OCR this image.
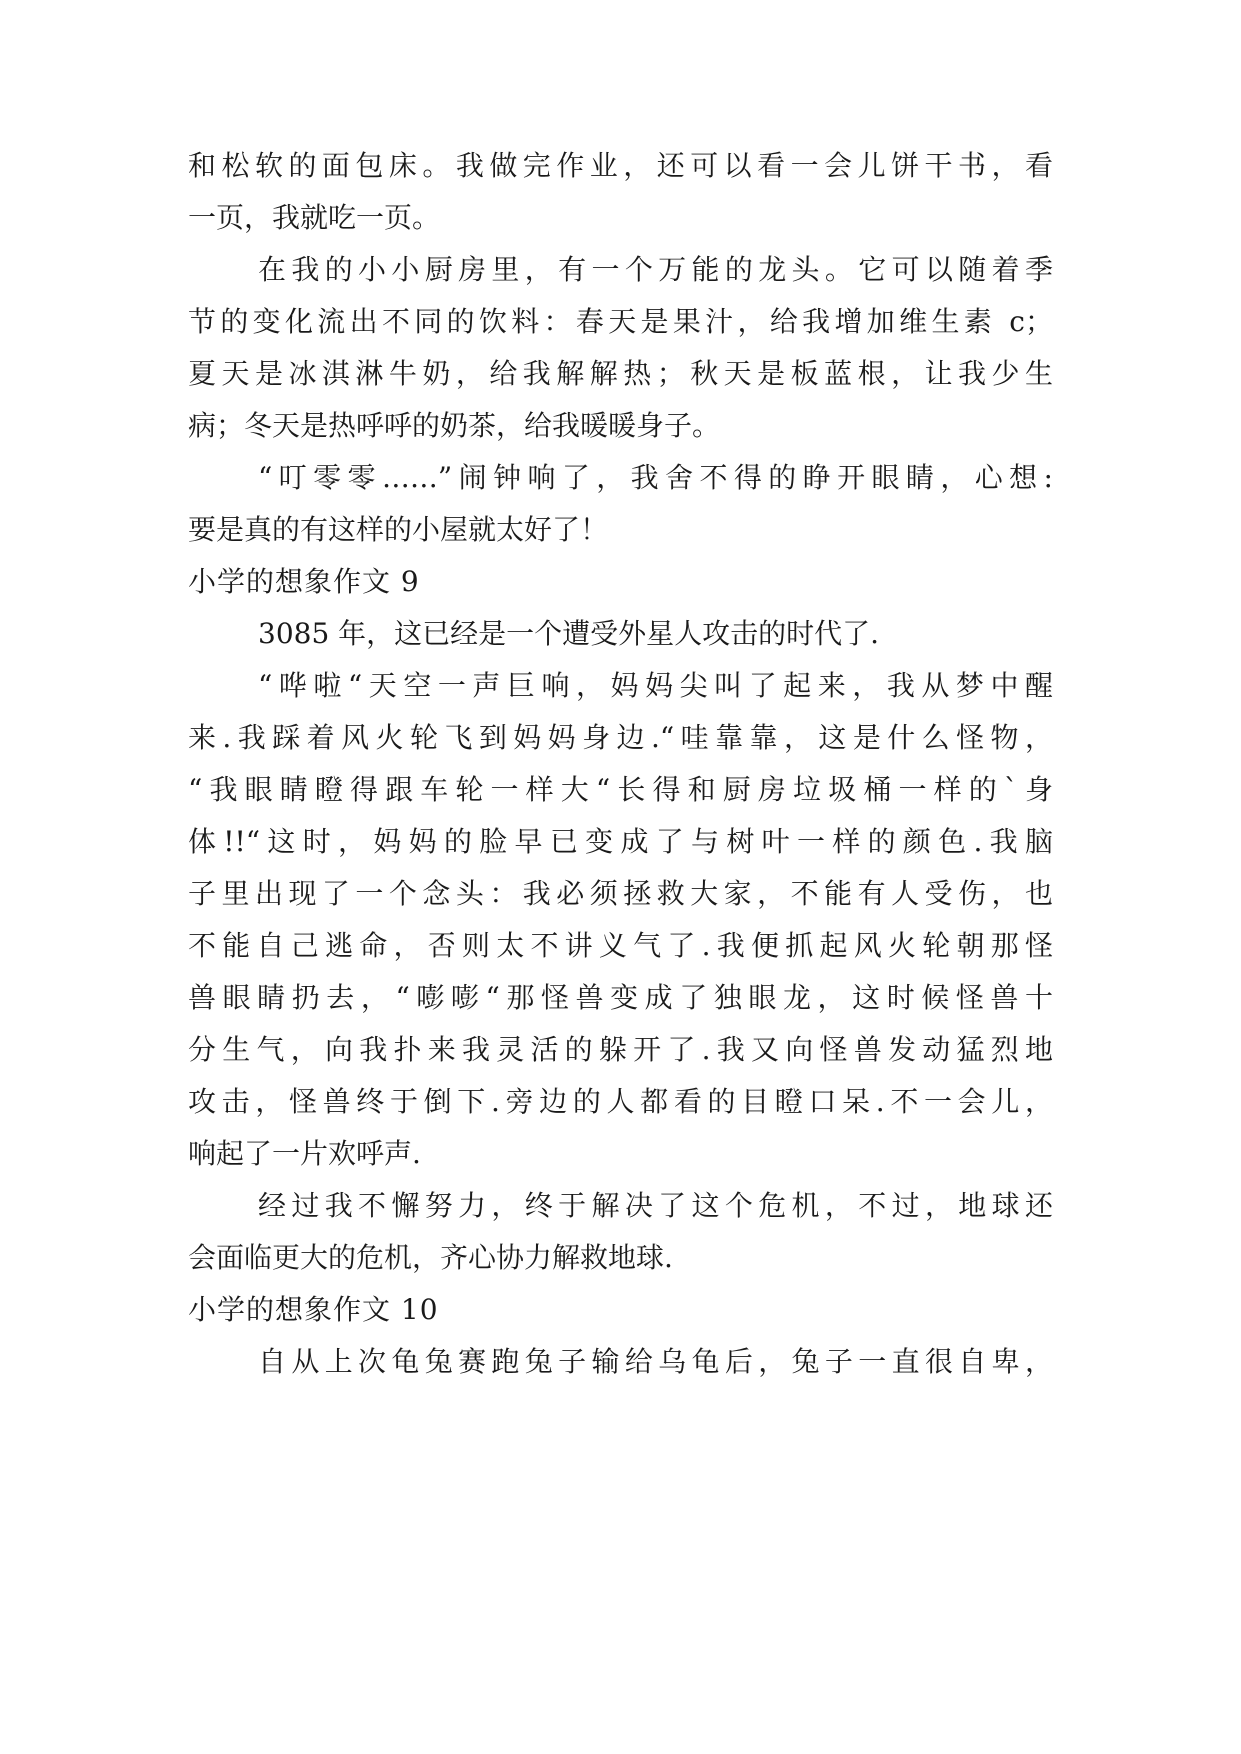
和松软的面包床。我做完作业，还可以看一会儿饼干书，看
一页，我就吃一页。
在我的小小厨房里，有一个万能的龙头。它可以随着季
节的变化流出不同的饮料：春天是果汁，给我增加维生素 c；
夏天是冰淇淋牛奶，给我解解热；秋天是板蓝根，让我少生
病；冬天是热呼呼的奶茶，给我暖暖身子。
“叮零零……”闹钟响了，我舍不得的睁开眼睛，心想:
要是真的有这样的小屋就太好了！
小学的想象作文 9
3085 年，这已经是一个遭受外星人攻击的时代了.
“哗啦“天空一声巨响，妈妈尖叫了起来，我从梦中醒
来.我踩着风火轮飞到妈妈身边.“哇靠靠，这是什么怪物，
“我眼睛瞪得跟车轮一样大“长得和厨房垃圾桶一样的`身
体!!“这时，妈妈的脸早已变成了与树叶一样的颜色.我脑
子里出现了一个念头：我必须拯救大家，不能有人受伤，也
不能自己逃命，否则太不讲义气了.我便抓起风火轮朝那怪
兽眼睛扔去，“嘭嘭“那怪兽变成了独眼龙，这时候怪兽十
分生气，向我扑来我灵活的躲开了.我又向怪兽发动猛烈地
攻击，怪兽终于倒下.旁边的人都看的目瞪口呆.不一会儿，
响起了一片欢呼声.
经过我不懈努力，终于解决了这个危机，不过，地球还
会面临更大的危机，齐心协力解救地球.
小学的想象作文 10
自从上次龟兔赛跑兔子输给乌龟后，兔子一直很自卑，
